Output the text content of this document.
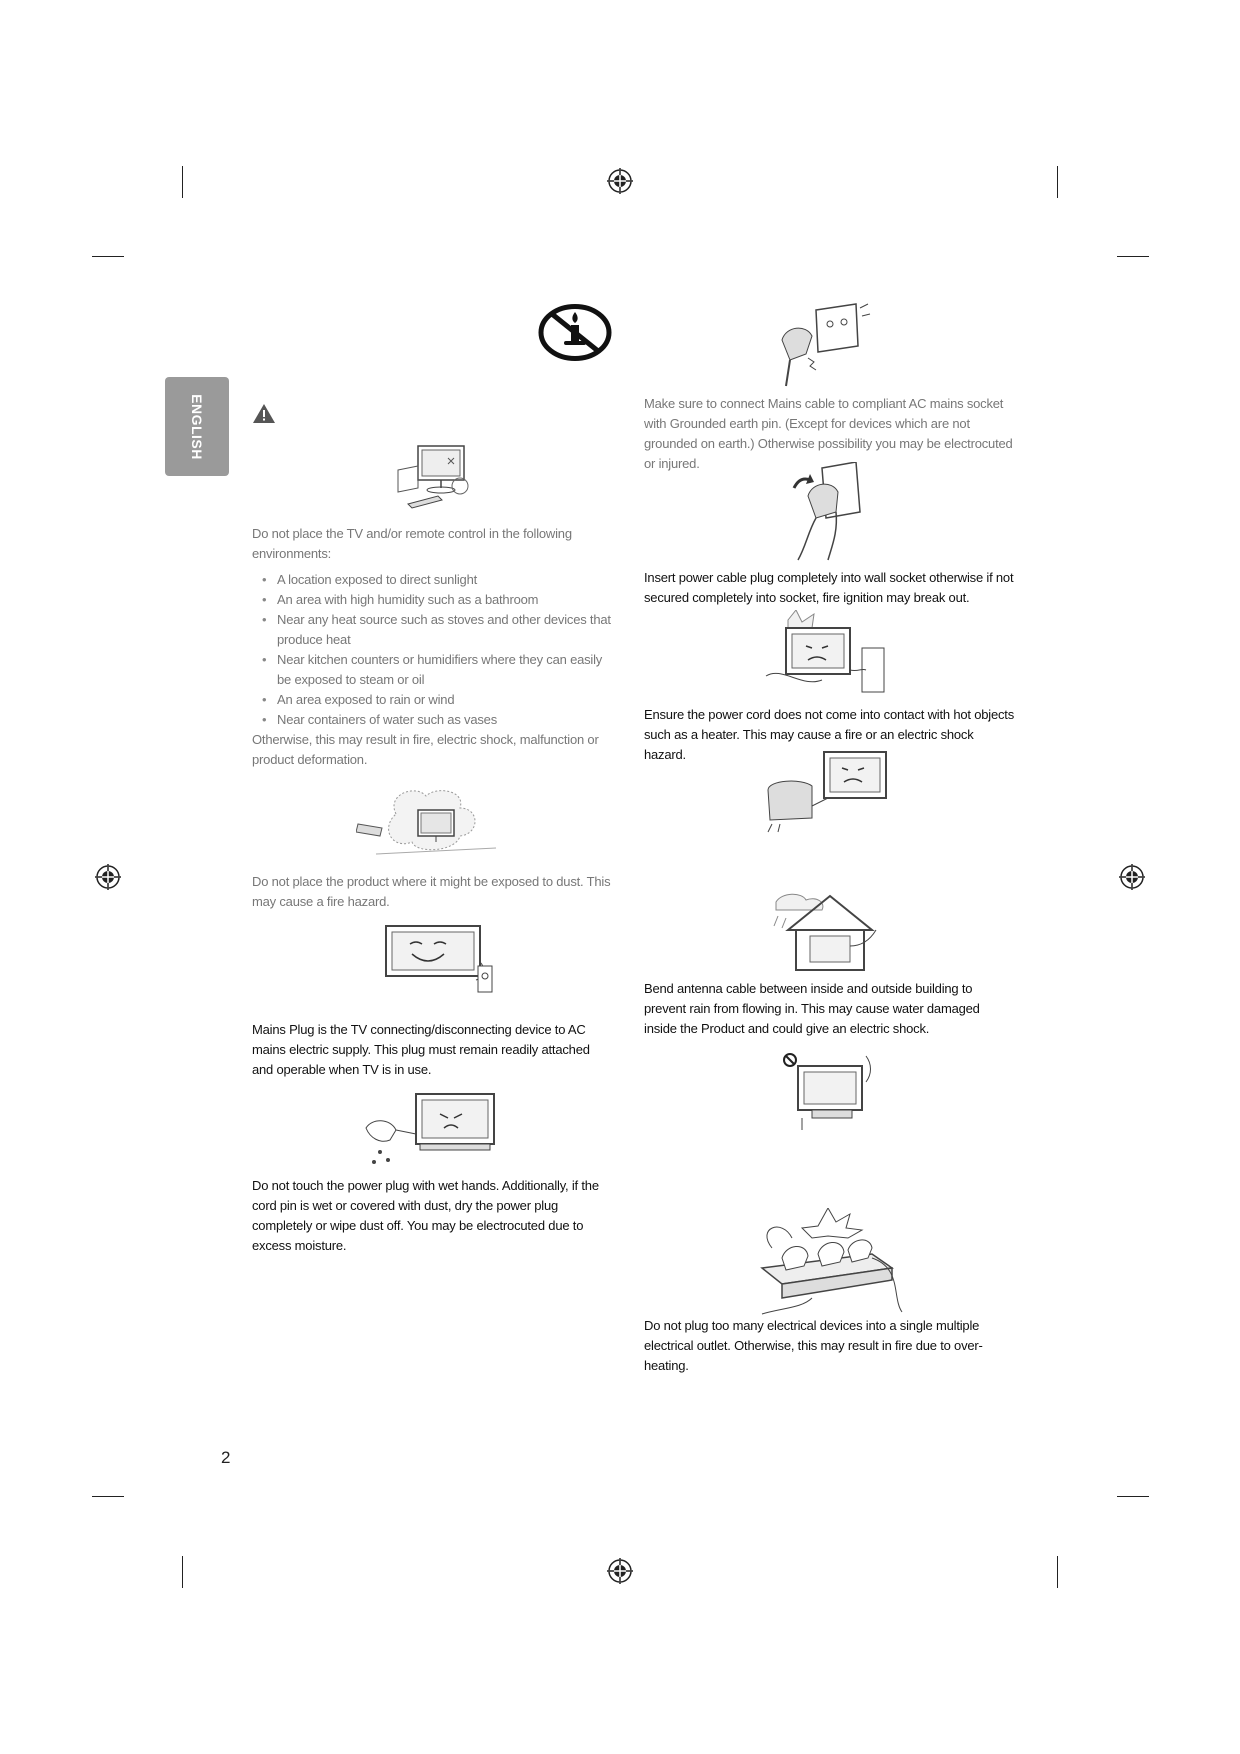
ENGLISH
Do not place the TV and/or remote control in the following environments:
• A location exposed to direct sunlight
• An area with high humidity such as a bathroom
• Near any heat source such as stoves and other devices that produce heat
• Near kitchen counters or humidifiers where they can easily be exposed to steam or oil
• An area exposed to rain or wind
• Near containers of water such as vases
Otherwise, this may result in fire, electric shock, malfunction or product deformation.
Do not place the product where it might be exposed to dust. This may cause a fire hazard.
Mains Plug is the TV connecting/disconnecting device to AC mains electric supply. This plug must remain readily attached and operable when TV is in use.
Do not touch the power plug with wet hands. Additionally, if the cord pin is wet or covered with dust, dry the power plug completely or wipe dust off. You may be electrocuted due to excess moisture.
Make sure to connect Mains cable to compliant AC mains socket with Grounded earth pin. (Except for devices which are not grounded on earth.) Otherwise possibility you may be electrocuted or injured.
Insert power cable plug completely into wall socket otherwise if not secured completely into socket, fire ignition may break out.
Ensure the power cord does not come into contact with hot objects such as a heater. This may cause a fire or an electric shock hazard.
Bend antenna cable between inside and outside building to prevent rain from flowing in. This may cause water damaged inside the Product and could give an electric shock.
Do not plug too many electrical devices into a single multiple electrical outlet. Otherwise, this may result in fire due to over-heating.
2
